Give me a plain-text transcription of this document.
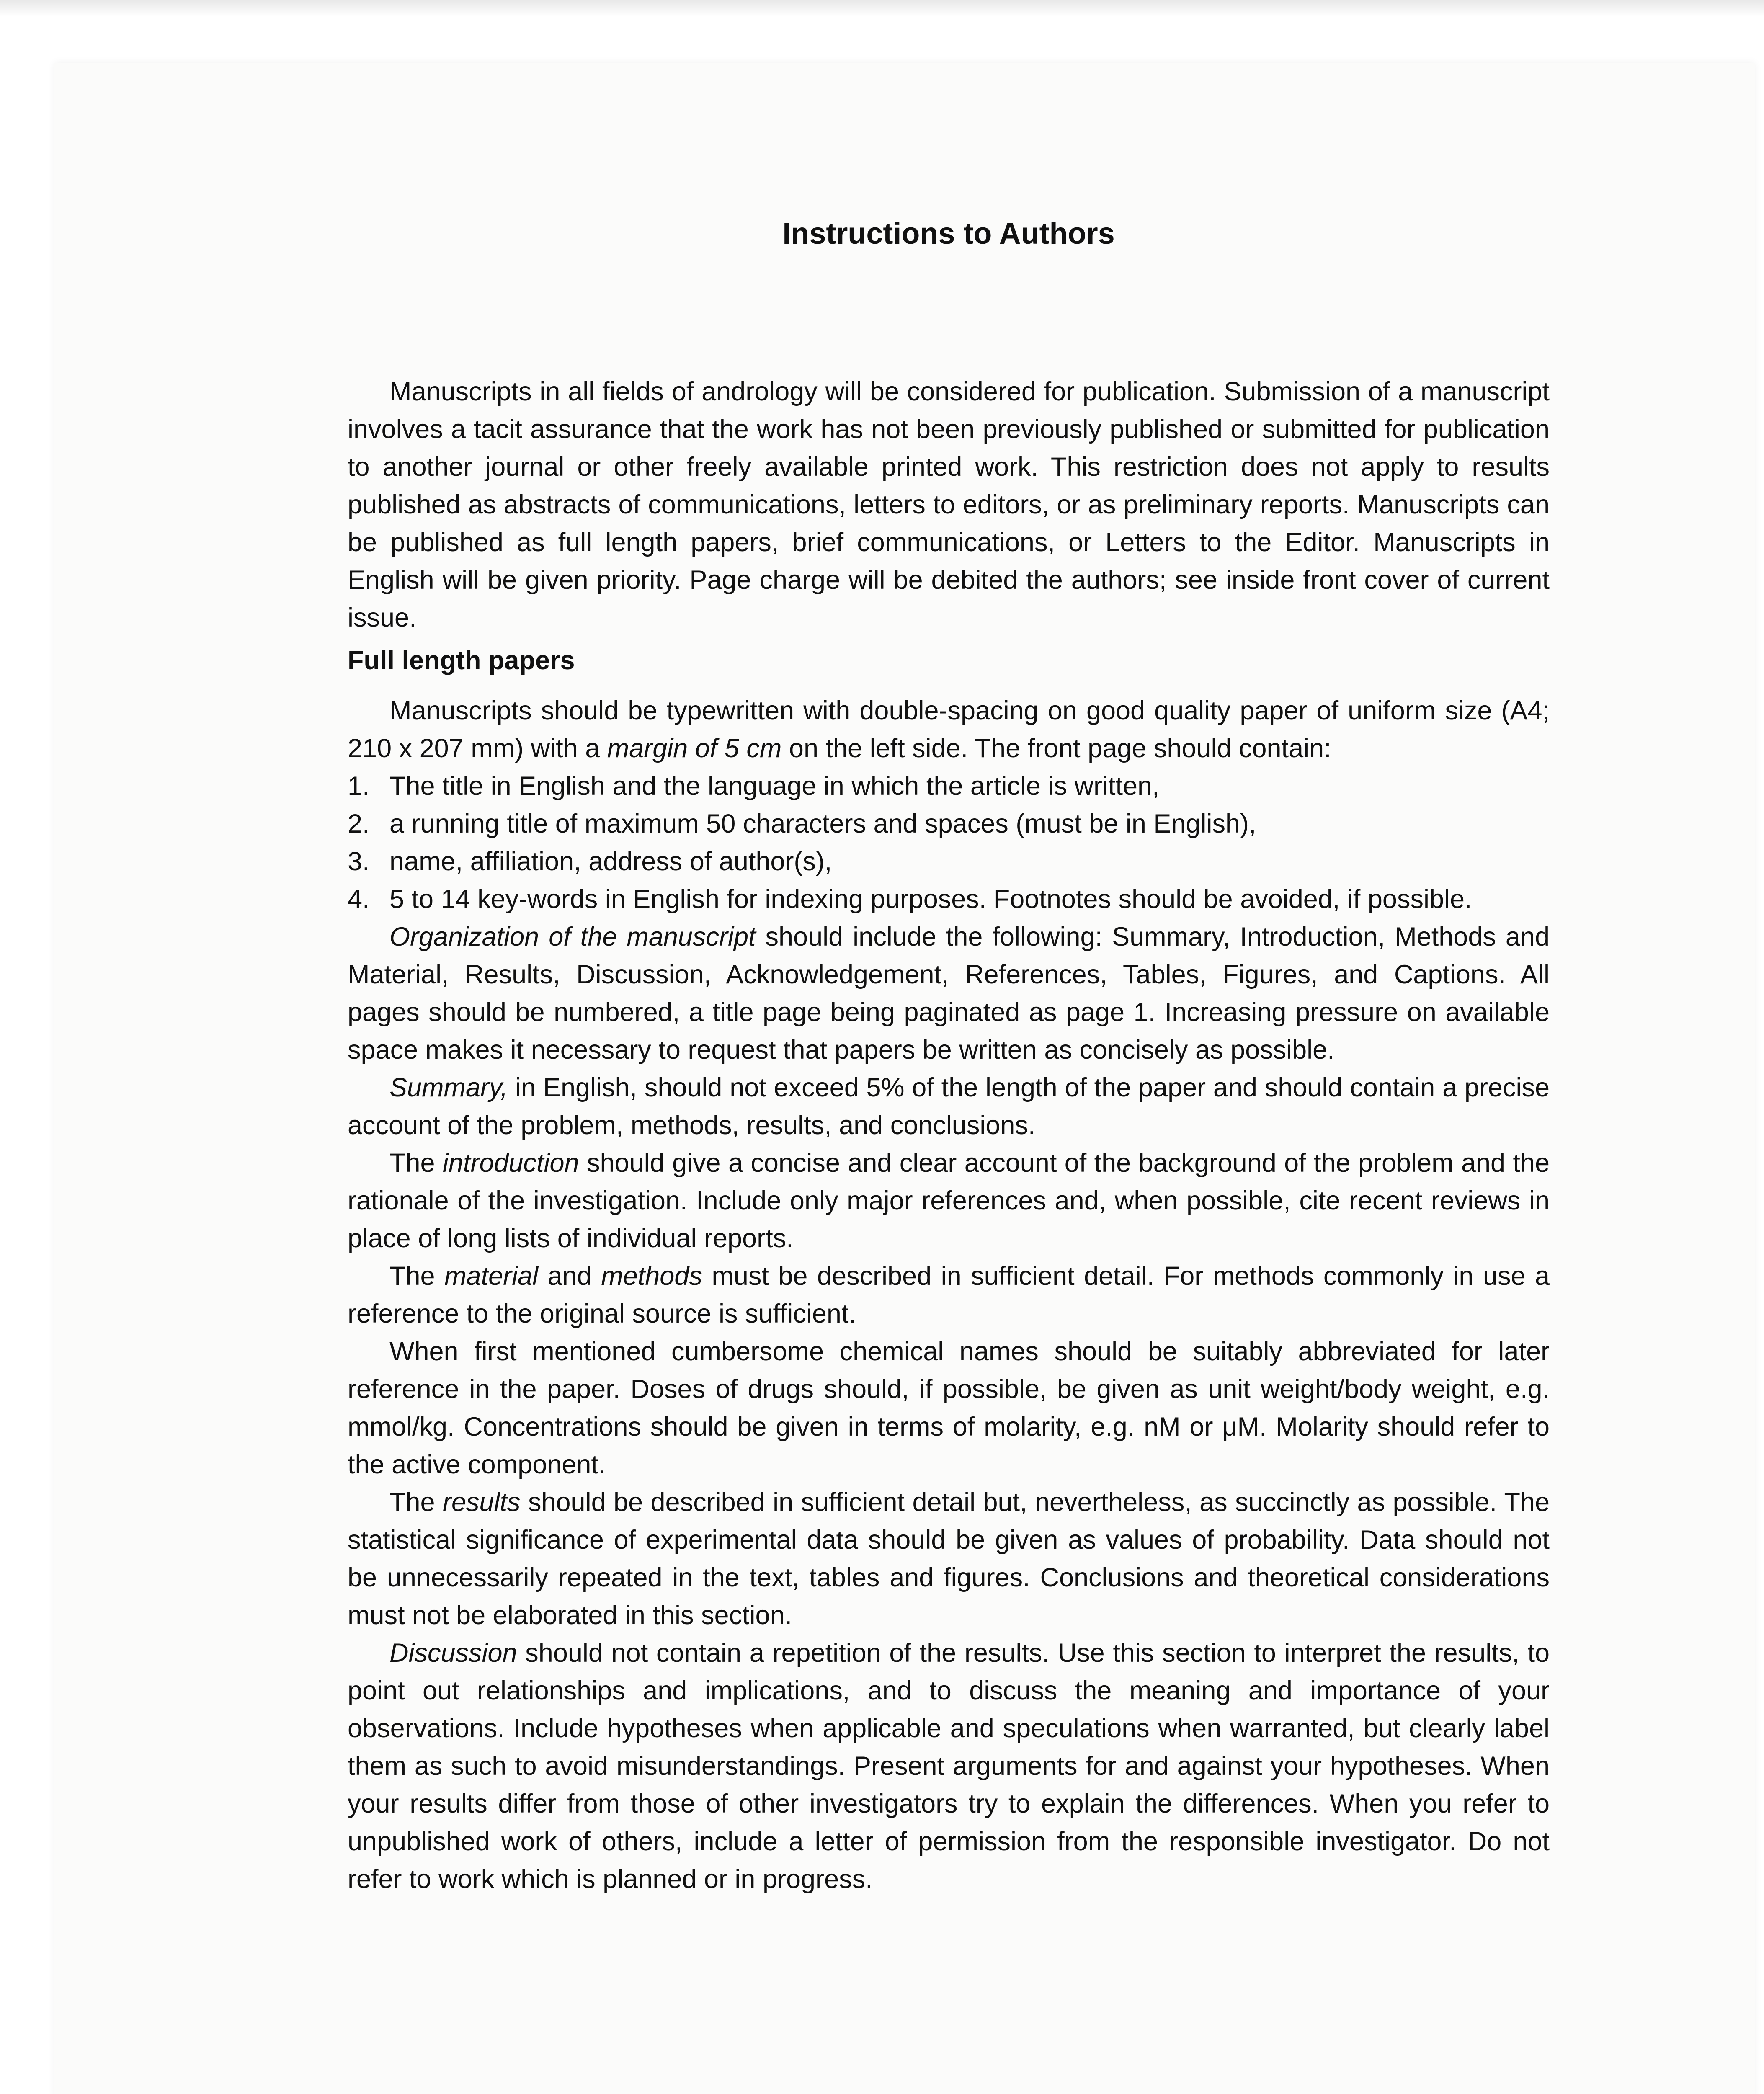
Instructions to Authors

Manuscripts in all fields of andrology will be considered for publication. Submission of a manuscript involves a tacit assurance that the work has not been previously published or submitted for publication to another journal or other freely available printed work. This restriction does not apply to results published as abstracts of communications, letters to editors, or as preliminary reports. Manuscripts can be published as full length papers, brief communications, or Letters to the Editor. Manuscripts in English will be given priority. Page charge will be debited the authors; see inside front cover of current issue.

Full length papers

Manuscripts should be typewritten with double-spacing on good quality paper of uniform size (A4; 210 x 207 mm) with a margin of 5 cm on the left side. The front page should contain:

1. The title in English and the language in which the article is written,
2. a running title of maximum 50 characters and spaces (must be in English),
3. name, affiliation, address of author(s),
4. 5 to 14 key-words in English for indexing purposes. Footnotes should be avoided, if possible.

Organization of the manuscript should include the following: Summary, Introduction, Methods and Material, Results, Discussion, Acknowledgement, References, Tables, Figures, and Captions. All pages should be numbered, a title page being paginated as page 1. Increasing pressure on available space makes it necessary to request that papers be written as concisely as possible.

Summary, in English, should not exceed 5% of the length of the paper and should contain a precise account of the problem, methods, results, and conclusions.

The introduction should give a concise and clear account of the background of the problem and the rationale of the investigation. Include only major references and, when possible, cite recent reviews in place of long lists of individual reports.

The material and methods must be described in sufficient detail. For methods commonly in use a reference to the original source is sufficient.

When first mentioned cumbersome chemical names should be suitably abbreviated for later reference in the paper. Doses of drugs should, if possible, be given as unit weight/body weight, e.g. mmol/kg. Concentrations should be given in terms of molarity, e.g. nM or μM. Molarity should refer to the active component.

The results should be described in sufficient detail but, nevertheless, as succinctly as possible. The statistical significance of experimental data should be given as values of probability. Data should not be unnecessarily repeated in the text, tables and figures. Conclusions and theoretical considerations must not be elaborated in this section.

Discussion should not contain a repetition of the results. Use this section to interpret the results, to point out relationships and implications, and to discuss the meaning and importance of your observations. Include hypotheses when applicable and speculations when warranted, but clearly label them as such to avoid misunderstandings. Present arguments for and against your hypotheses. When your results differ from those of other investigators try to explain the differences. When you refer to unpublished work of others, include a letter of permission from the responsible investigator. Do not refer to work which is planned or in progress.
